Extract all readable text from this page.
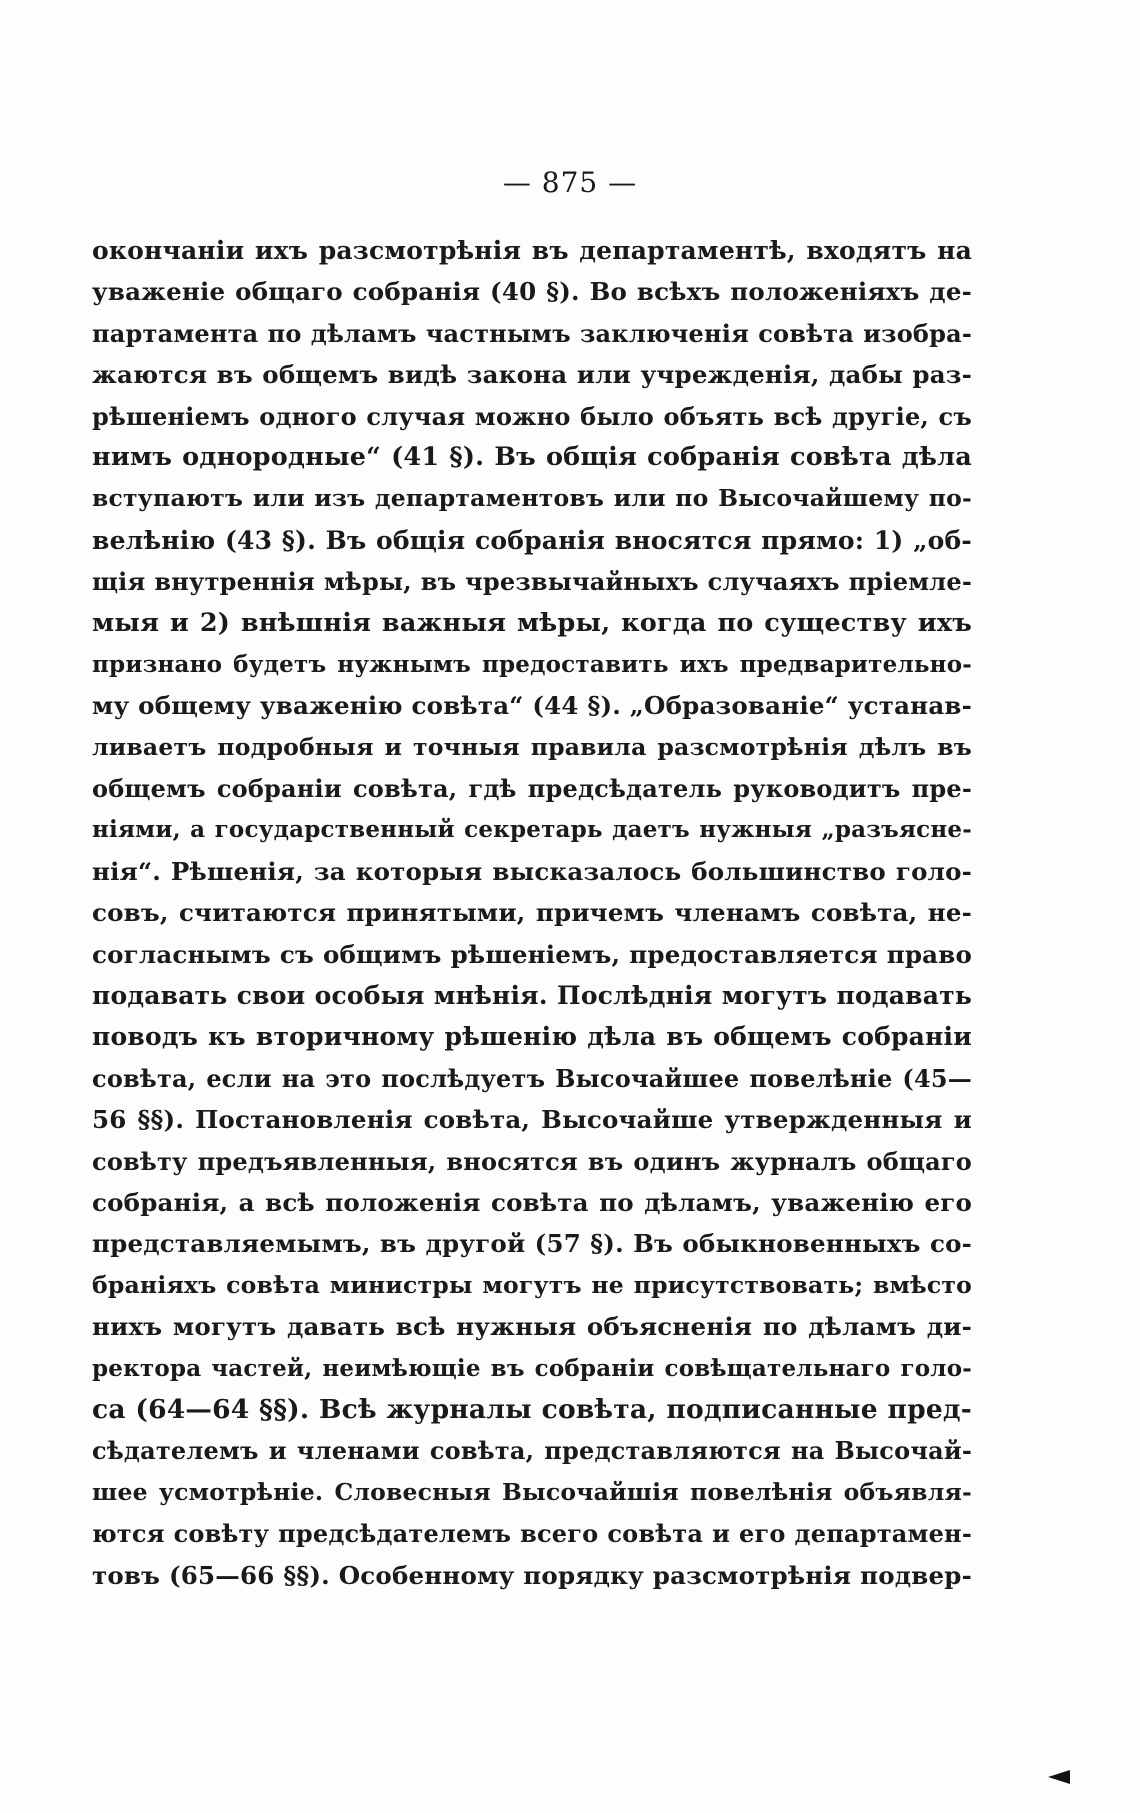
— 875 —
окончаніи ихъ разсмотрѣнія въ департаментѣ, входятъ на
уваженіе общаго собранія (40 §). Во всѣхъ положеніяхъ де-
партамента по дѣламъ частнымъ заключенія совѣта изобра-
жаются въ общемъ видѣ закона или учрежденія, дабы раз-
рѣшеніемъ одного случая можно было объять всѣ другіе, съ
нимъ однородные“ (41 §). Въ общія собранія совѣта дѣла
вступаютъ или изъ департаментовъ или по Высочайшему по-
велѣнію (43 §). Въ общія собранія вносятся прямо: 1) „об-
щія внутреннія мѣры, въ чрезвычайныхъ случаяхъ пріемле-
мыя и 2) внѣшнія важныя мѣры, когда по существу ихъ
признано будетъ нужнымъ предоставить ихъ предварительно-
му общему уваженію совѣта“ (44 §). „Образованіе“ устанав-
ливаетъ подробныя и точныя правила разсмотрѣнія дѣлъ въ
общемъ собраніи совѣта, гдѣ предсѣдатель руководитъ пре-
ніями, а государственный секретарь даетъ нужныя „разъясне-
нія“. Рѣшенія, за которыя высказалось большинство голо-
совъ, считаются принятыми, причемъ членамъ совѣта, не-
согласнымъ съ общимъ рѣшеніемъ, предоставляется право
подавать свои особыя мнѣнія. Послѣднія могутъ подавать
поводъ къ вторичному рѣшенію дѣла въ общемъ собраніи
совѣта, если на это послѣдуетъ Высочайшее повелѣніе (45—
56 §§). Постановленія совѣта, Высочайше утвержденныя и
совѣту предъявленныя, вносятся въ одинъ журналъ общаго
собранія, а всѣ положенія совѣта по дѣламъ, уваженію его
представляемымъ, въ другой (57 §). Въ обыкновенныхъ со-
браніяхъ совѣта министры могутъ не присутствовать; вмѣсто
нихъ могутъ давать всѣ нужныя объясненія по дѣламъ ди-
ректора частей, неимѣющіе въ собраніи совѣщательнаго голо-
са (64—64 §§). Всѣ журналы совѣта, подписанные пред-
сѣдателемъ и членами совѣта, представляются на Высочай-
шее усмотрѣніе. Словесныя Высочайшія повелѣнія объявля-
ются совѣту предсѣдателемъ всего совѣта и его департамен-
товъ (65—66 §§). Особенному порядку разсмотрѣнія подвер-
